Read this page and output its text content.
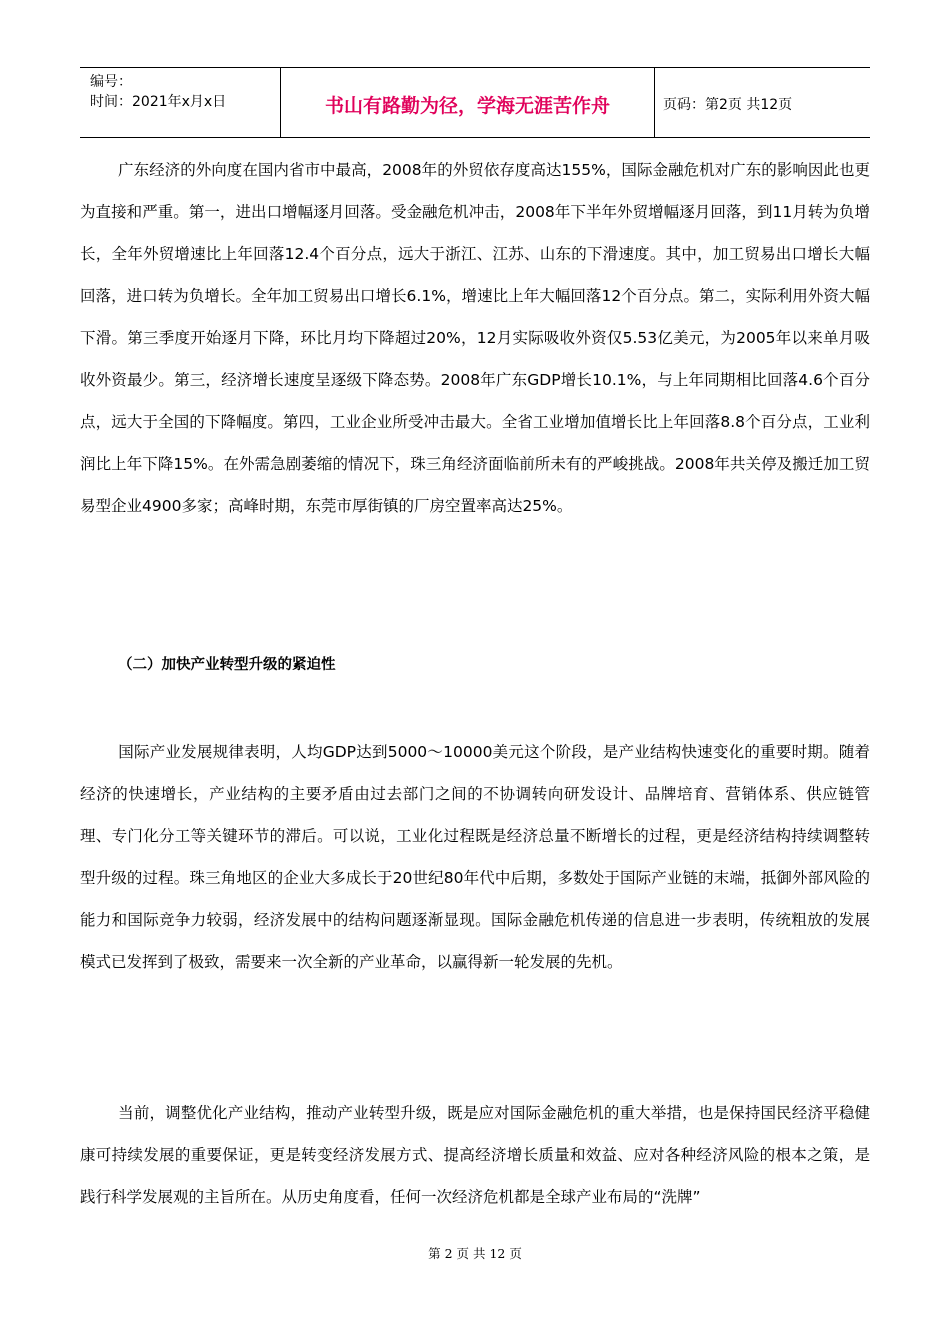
编号：
时间：2021年x月x日	书山有路勤为径，学海无涯苦作舟	页码：第2页 共12页

广东经济的外向度在国内省市中最高，2008年的外贸依存度高达155%，国际金融危机对广东的影响因此也更为直接和严重。第一，进出口增幅逐月回落。受金融危机冲击，2008年下半年外贸增幅逐月回落，到11月转为负增长，全年外贸增速比上年回落12.4个百分点，远大于浙江、江苏、山东的下滑速度。其中，加工贸易出口增长大幅回落，进口转为负增长。全年加工贸易出口增长6.1%，增速比上年大幅回落12个百分点。第二，实际利用外资大幅下滑。第三季度开始逐月下降，环比月均下降超过20%，12月实际吸收外资仅5.53亿美元，为2005年以来单月吸收外资最少。第三，经济增长速度呈逐级下降态势。2008年广东GDP增长10.1%，与上年同期相比回落4.6个百分点，远大于全国的下降幅度。第四，工业企业所受冲击最大。全省工业增加值增长比上年回落8.8个百分点，工业利润比上年下降15%。在外需急剧萎缩的情况下，珠三角经济面临前所未有的严峻挑战。2008年共关停及搬迁加工贸易型企业4900多家；高峰时期，东莞市厚街镇的厂房空置率高达25%。

（二）加快产业转型升级的紧迫性

国际产业发展规律表明，人均GDP达到5000～10000美元这个阶段，是产业结构快速变化的重要时期。随着经济的快速增长，产业结构的主要矛盾由过去部门之间的不协调转向研发设计、品牌培育、营销体系、供应链管理、专门化分工等关键环节的滞后。可以说，工业化过程既是经济总量不断增长的过程，更是经济结构持续调整转型升级的过程。珠三角地区的企业大多成长于20世纪80年代中后期，多数处于国际产业链的末端，抵御外部风险的能力和国际竞争力较弱，经济发展中的结构问题逐渐显现。国际金融危机传递的信息进一步表明，传统粗放的发展模式已发挥到了极致，需要来一次全新的产业革命，以赢得新一轮发展的先机。

当前，调整优化产业结构，推动产业转型升级，既是应对国际金融危机的重大举措，也是保持国民经济平稳健康可持续发展的重要保证，更是转变经济发展方式、提高经济增长质量和效益、应对各种经济风险的根本之策，是践行科学发展观的主旨所在。从历史角度看，任何一次经济危机都是全球产业布局的“洗牌”

第 2 页 共 12 页
